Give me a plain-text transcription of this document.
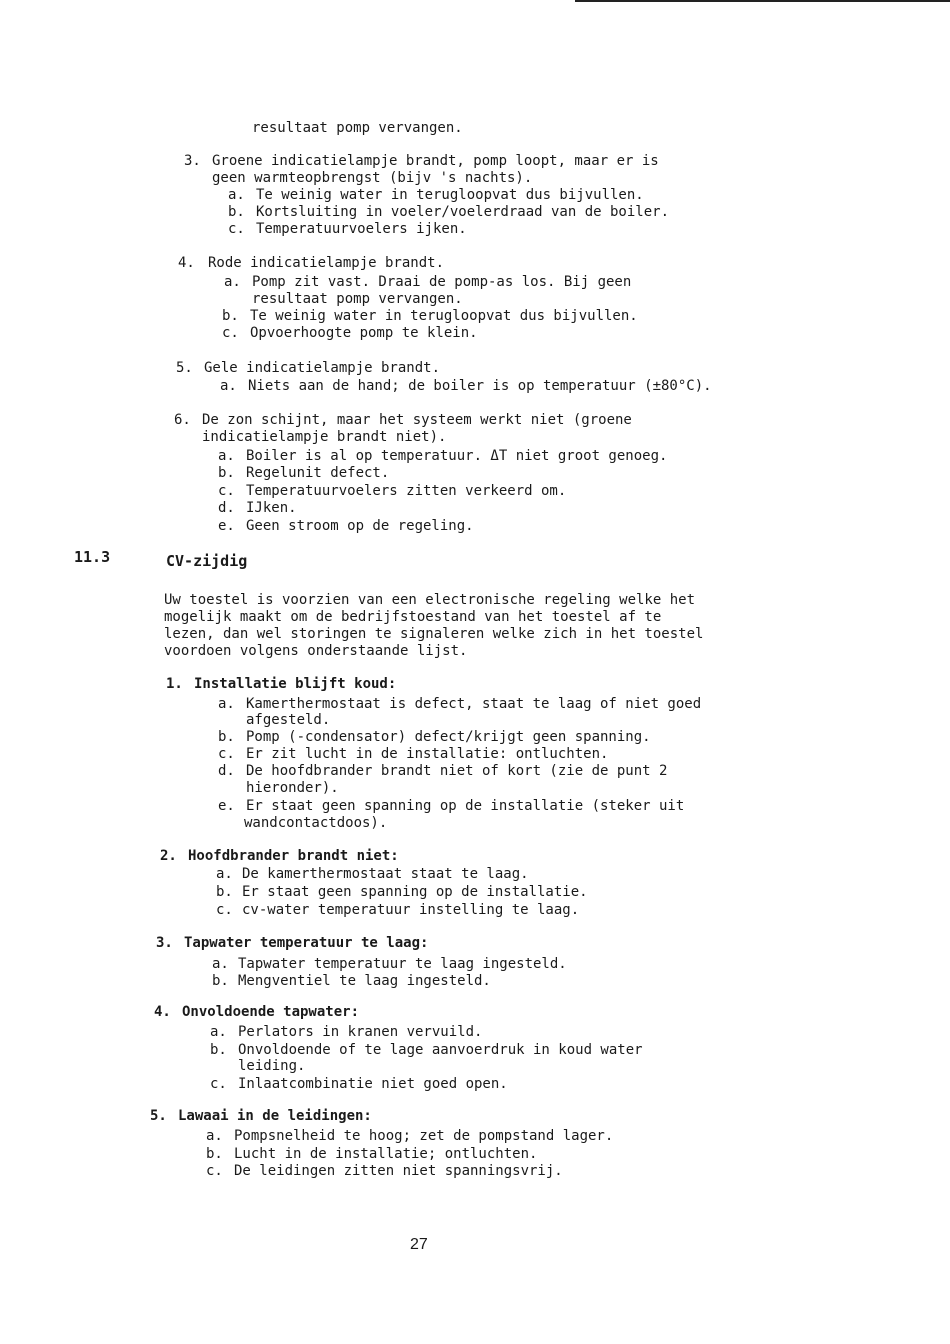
resultaat pomp vervangen.
3. Groene indicatielampje brandt, pomp loopt, maar er is
geen warmteopbrengst (bijv 's nachts).
a. Te weinig water in terugloopvat dus bijvullen.
b. Kortsluiting in voeler/voelerdraad van de boiler.
c. Temperatuurvoelers ijken.
4. Rode indicatielampje brandt.
a. Pomp zit vast. Draai de pomp-as los. Bij geen
resultaat pomp vervangen.
b. Te weinig water in terugloopvat dus bijvullen.
c. Opvoerhoogte pomp te klein.
5. Gele indicatielampje brandt.
a. Niets aan de hand; de boiler is op temperatuur (±80°C).
6. De zon schijnt, maar het systeem werkt niet (groene
indicatielampje brandt niet).
a. Boiler is al op temperatuur. ΔT niet groot genoeg.
b. Regelunit defect.
c. Temperatuurvoelers zitten verkeerd om.
d. IJken.
e. Geen stroom op de regeling.
11.3	CV-zijdig
Uw toestel is voorzien van een electronische regeling welke het
mogelijk maakt om de bedrijfstoestand van het toestel af te
lezen, dan wel storingen te signaleren welke zich in het toestel
voordoen volgens onderstaande lijst.
1. Installatie blijft koud:
a. Kamerthermostaat is defect, staat te laag of niet goed
afgesteld.
b. Pomp (-condensator) defect/krijgt geen spanning.
c. Er zit lucht in de installatie: ontluchten.
d. De hoofdbrander brandt niet of kort (zie de punt 2
hieronder).
e. Er staat geen spanning op de installatie (steker uit
wandcontactdoos).
2. Hoofdbrander brandt niet:
a. De kamerthermostaat staat te laag.
b. Er staat geen spanning op de installatie.
c. cv-water temperatuur instelling te laag.
3. Tapwater temperatuur te laag:
a. Tapwater temperatuur te laag ingesteld.
b. Mengventiel te laag ingesteld.
4. Onvoldoende tapwater:
a. Perlators in kranen vervuild.
b. Onvoldoende of te lage aanvoerdruk in koud water
leiding.
c. Inlaatcombinatie niet goed open.
5. Lawaai in de leidingen:
a. Pompsnelheid te hoog; zet de pompstand lager.
b. Lucht in de installatie; ontluchten.
c. De leidingen zitten niet spanningsvrij.
27
